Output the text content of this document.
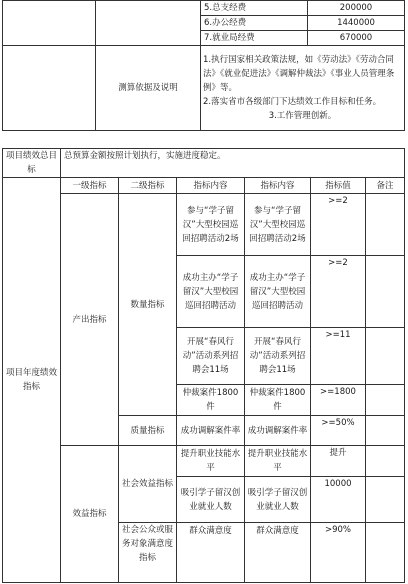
		5.总支经费	200000
		6.办公经费	1440000
		7.就业局经费	670000
	测算依据及说明	1.执行国家相关政策法规，如《劳动法》《劳动合同法》《就业促进法》《调解仲裁法》《事业人员管理条例》等。
2.落实省市各级部门下达绩效工作目标和任务。
3.工作管理创新。	
项目绩效总目标	总预算金额按照计划执行，实施进度稳定。					
项目年度绩效指标	一级指标	二级指标	指标内容	指标内容	指标值	备注
	产出指标	数量指标	参与“学子留汉”大型校园巡回招聘活动2场	参与“学子留汉”大型校园巡回招聘活动2场	>=2	
			成功主办“学子留汉”大型校园巡回招聘活动	成功主办“学子留汉”大型校园巡回招聘活动	>=2	
			开展“春风行动”活动系列招聘会11场	开展“春风行动”活动系列招聘会11场	>=11	
			仲裁案件1800件	仲裁案件1800件	>=1800	

		质量指标	成功调解案件率	成功调解案件率	>=50%	
	效益指标	社会效益指标	提升职业技能水平	提升职业技能水平	提升	
			吸引学子留汉创业就业人数	吸引学子留汉创业就业人数	10000	
		社会公众或服务对象满意度指标	群众满意度	群众满意度	>90%	
